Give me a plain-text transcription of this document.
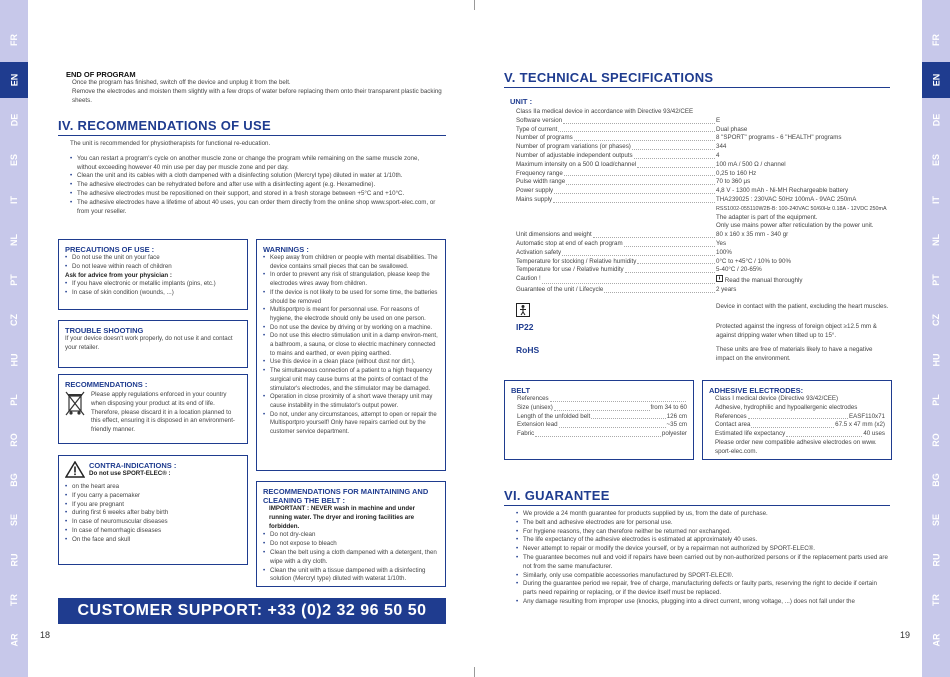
FR
EN
DE
ES
IT
NL
PT
CZ
HU
PL
RO
BG
SE
RU
TR
AR
FR
EN
DE
ES
IT
NL
PT
CZ
HU
PL
RO
BG
SE
RU
TR
AR
18	19
END OF PROGRAM
Once the program has finished, switch off the device and unplug it from the belt.
Remove the electrodes and moisten them slightly with a few drops of water before replacing them onto their transparent plastic backing sheets.
IV. RECOMMENDATIONS OF USE
The unit is recommended for physiotherapists for functional re-education.
• You can restart a program's cycle on another muscle zone or change the program while remaining on the same muscle zone, without exceeding however 40 min use per day per muscle zone and per day.
• Clean the unit and its cables with a cloth dampened with a disinfecting solution (Mercryl type) diluted in water at 1/10th.
• The adhesive electrodes can be rehydrated before and after use with a disinfecting agent (e.g. Hexamedine).
• The adhesive electrodes must be repositioned on their support, and stored in a fresh storage between +5°C and +10°C.
• The adhesive electrodes have a lifetime of about 40 uses, you can order them directly from the online shop www.sport-elec.com, or from your reseller.
PRECAUTIONS OF USE :
• Do not use the unit on your face
• Do not leave within reach of children
Ask for advice from your physician :
• If you have electronic or metallic implants (pins, etc.)
• In case of skin condition (wounds, ...)
TROUBLE SHOOTING
If your device doesn't work properly, do not use it and contact your retailer.
RECOMMENDATIONS :
Please apply regulations enforced in your country when disposing your product at its end of life. Therefore, please discard it in a location planned to this effect, ensuring it is disposed in an environment-friendly manner.
CONTRA-INDICATIONS :
Do not use SPORT-ELEC® :
• on the heart area
• If you carry a pacemaker
• If you are pregnant
• during first 6 weeks after baby birth
• In case of neuromuscular diseases
• In case of hemorrhagic diseases
• On the face and skull
WARNINGS :
• Keep away from children or people with mental disabilities. The device contains small pieces that can be swallowed.
• In order to prevent any risk of strangulation, please keep the electrodes wires away from children.
• If the device is not likely to be used for some time, the batteries should be removed
• Multisportpro is meant for personnal use. For reasons of hygiene, the electrode should only be used on one person.
• Do not use the device by driving or by working on a machine.
• Do not use this electro stimulation unit in a damp environ-ment, a bathroom, a sauna, or close to electric machinery connected to mains and earthed, or even piping earthed.
• Use this device in a clean place (without dust nor dirt.).
• The simultaneous connection of a patient to a high frequency surgical unit may cause burns at the points of contact of the stimulator's electrodes, and the stimulator may be damaged.
• Operation in close proximity of a short wave therapy unit may cause instability in the stimulator's output power.
• Do not, under any circumstances, attempt to open or repair the Multisportpro yourself! Only have repairs carried out by the customer service department.
RECOMMENDATIONS FOR MAINTAINING AND CLEANING THE BELT :
IMPORTANT : NEVER wash in machine and under running water. The dryer and ironing facilities are forbidden.
• Do not dry-clean
• Do not expose to bleach
• Clean the belt using a cloth dampened with a detergent, then wipe with a dry cloth.
• Clean the unit with a tissue dampened with a disinfecting solution (Mercryl type) diluted with waterat 1/10th.
CUSTOMER SUPPORT: +33 (0)2 32 96 50 50
V. TECHNICAL SPECIFICATIONS
UNIT :
Class IIa medical device in accordance with Directive 93/42/CEE
Software version	E
Type of current	Dual phase
Number of programs	8 "SPORT" programs - 6 "HEALTH" programs
Number of program variations (or phases)	344
Number of adjustable independent outputs	4
Maximum intensity on a 500 Ω load/channel	100 mA / 500 Ω / channel
Frequency range	0,25 to 160 Hz
Pulse width range	70 to 360 µs
Power supply	4,8 V - 1300 mAh - Ni-MH Rechargeable battery
Mains supply	THA239025 : 230VAC 50Hz 100mA - 9VAC 250mA
RSS1002-055110W2B-B: 100-240VAC 50/60Hz 0.18A - 12VDC 250mA
The adapter is part of the equipment.
Only use mains power after reticulation by the power unit.
Unit dimensions and weight	80 x 160 x 35 mm - 340 gr
Automatic stop at end of each program	Yes
Activation safety	100%
Temperature for stocking / Relative humidity	0°C to +45°C / 10% to 90%
Temperature for use / Relative humidity	5-40°C / 20-65%
Caution !	Read the manual thoroughly
Guarantee of the unit / Lifecycle	2 years
Device in contact with the patient, excluding the heart muscles.
IP22	Protected against the ingress of foreign object ≥12.5 mm & against dripping water when tilted up to 15°.
RoHS	These units are free of materials likely to have a negative impact on the environment.
BELT
References
Size (unisex)	from 34 to 60
Length of the unfolded belt	126 cm
Extension lead	~35 cm
Fabric	polyester
ADHESIVE ELECTRODES:
Class I medical device (Directive 93/42/CEE)
Adhesive, hydrophilic and hypoallergenic electrodes
References	EASF110x71
Contact area	67.5 x 47 mm (x2)
Estimated life expectancy	40 uses
Please order new compatible adhesive electrodes on www. sport-elec.com.
VI. GUARANTEE
• We provide a 24 month guarantee for products supplied by us, from the date of purchase.
• The belt and adhesive electrodes are for personal use.
• For hygiene reasons, they can therefore neither be returned nor exchanged.
• The life expectancy of the adhesive electrodes is estimated at approximately 40 uses.
• Never attempt to repair or modify the device yourself, or by a repairman not authorized by SPORT-ELEC®.
• The guarantee becomes null and void if repairs have been carried out by non-authorized persons or if the replacement parts used are not from the same manufacturer.
• Similarly, only use compatible accessories manufactured by SPORT-ELEC®.
• During the guarantee period we repair, free of charge, manufacturing defects or faulty parts, reserving the right to decide if certain parts need repairing or replacing, or if the device itself must be replaced.
• Any damage resulting from improper use (knocks, plugging into a direct current, wrong voltage, ...) does not fall under the
